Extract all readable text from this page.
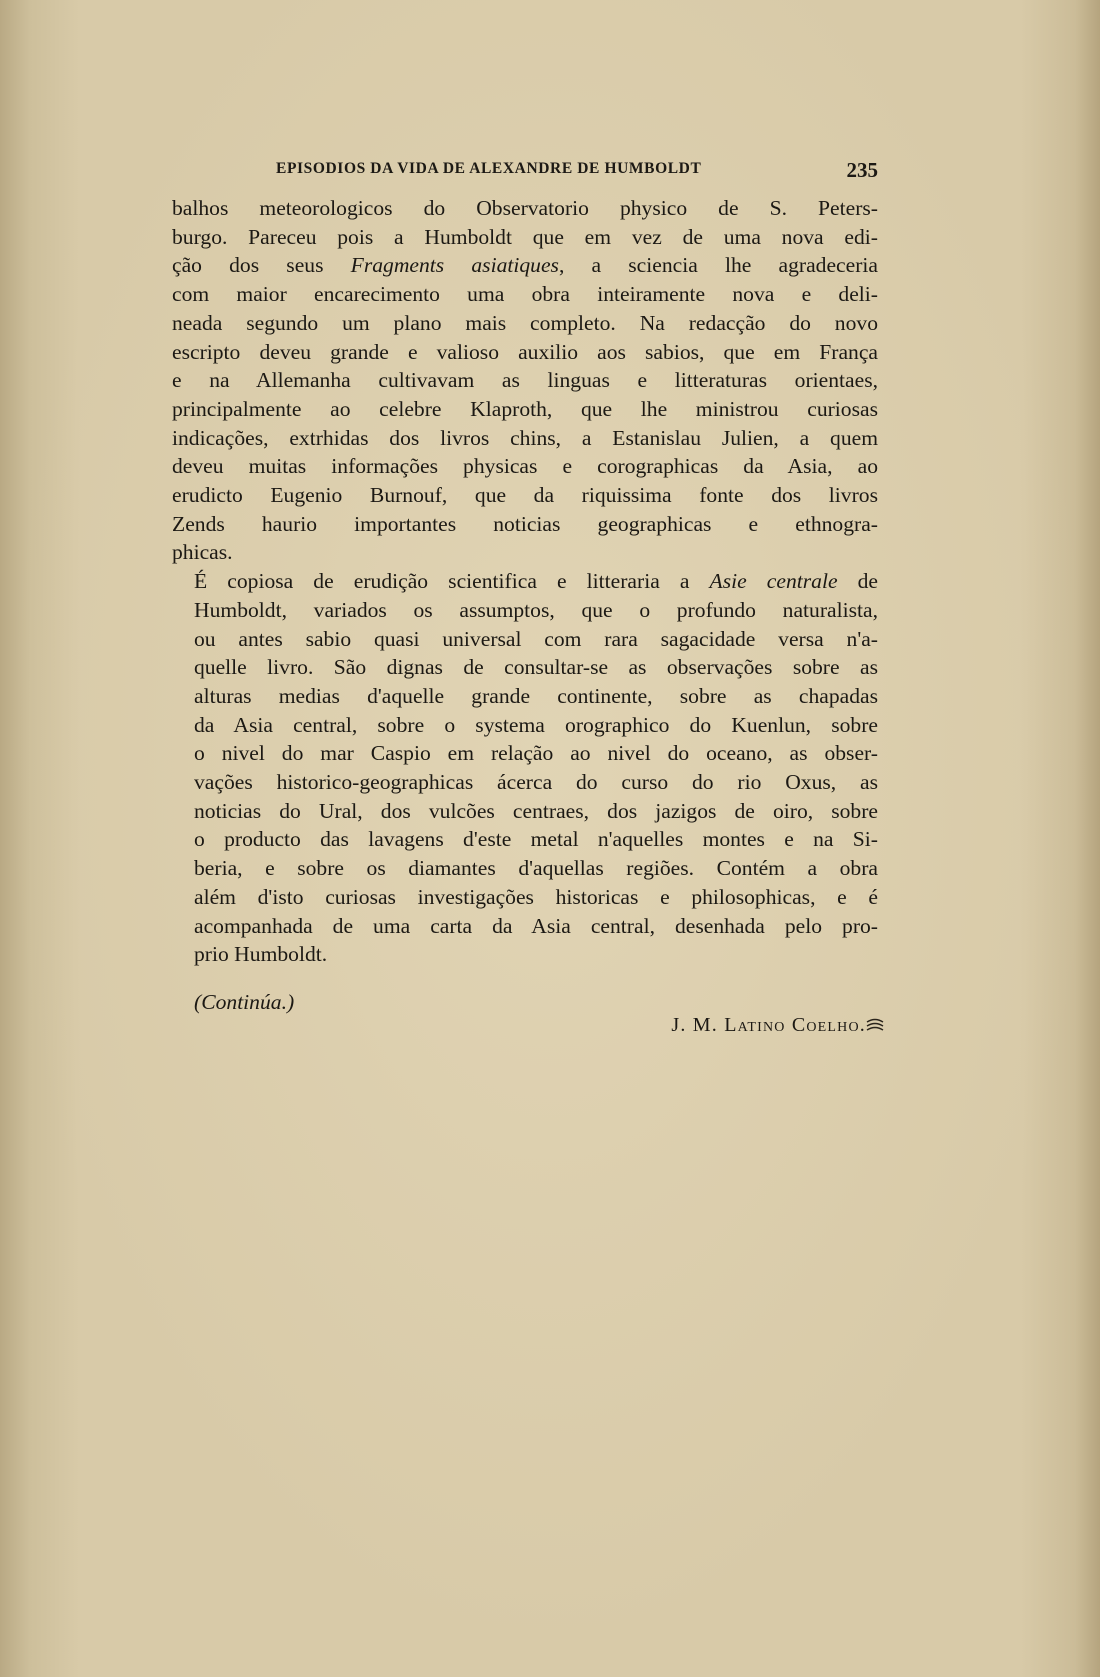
EPISODIOS DA VIDA DE ALEXANDRE DE HUMBOLDT	235

balhos meteorologicos do Observatorio physico de S. Peters-
burgo. Pareceu pois a Humboldt que em vez de uma nova edi-
ção dos seus Fragments asiatiques, a sciencia lhe agradeceria
com maior encarecimento uma obra inteiramente nova e deli-
neada segundo um plano mais completo. Na redacção do novo
escripto deveu grande e valioso auxilio aos sabios, que em França
e na Allemanha cultivavam as linguas e litteraturas orientaes,
principalmente ao celebre Klaproth, que lhe ministrou curiosas
indicações, extrhidas dos livros chins, a Estanislau Julien, a quem
deveu muitas informações physicas e corographicas da Asia, ao
erudicto Eugenio Burnouf, que da riquissima fonte dos livros
Zends haurio importantes noticias geographicas e ethnogra-
phicas.

É copiosa de erudição scientifica e litteraria a Asie centrale de
Humboldt, variados os assumptos, que o profundo naturalista,
ou antes sabio quasi universal com rara sagacidade versa n'a-
quelle livro. São dignas de consultar-se as observações sobre as
alturas medias d'aquelle grande continente, sobre as chapadas
da Asia central, sobre o systema orographico do Kuenlun, sobre
o nivel do mar Caspio em relação ao nivel do oceano, as obser-
vações historico-geographicas ácerca do curso do rio Oxus, as
noticias do Ural, dos vulcões centraes, dos jazigos de oiro, sobre
o producto das lavagens d'este metal n'aquelles montes e na Si-
beria, e sobre os diamantes d'aquellas regiões. Contém a obra
além d'isto curiosas investigações historicas e philosophicas, e é
acompanhada de uma carta da Asia central, desenhada pelo pro-
prio Humboldt.

(Continúa.)
J. M. Latino Coelho.
